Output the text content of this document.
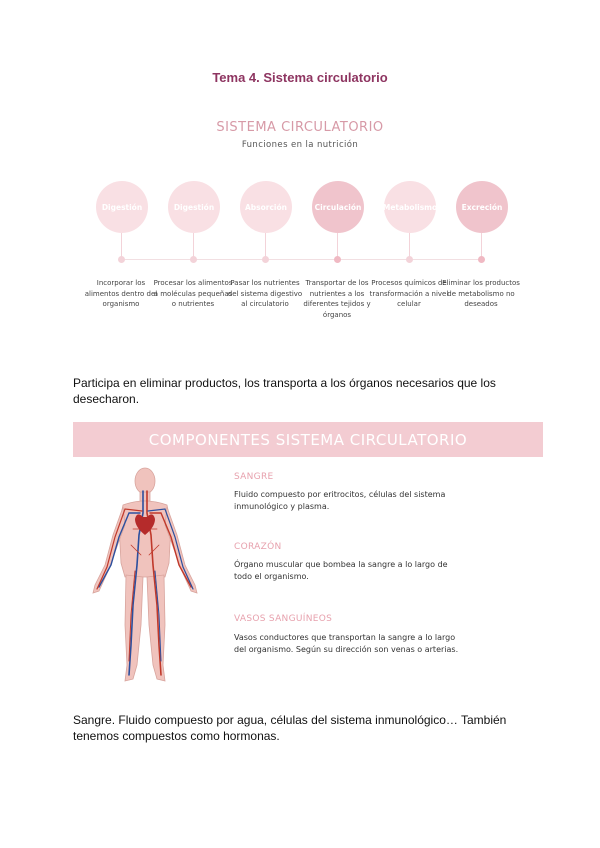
Tema 4. Sistema circulatorio
SISTEMA CIRCULATORIO
Funciones en la nutrición
Digestión
Incorporar los alimentos dentro del organismo
Digestión
Procesar los alimentos a moléculas pequeñas o nutrientes
Absorción
Pasar los nutrientes del sistema digestivo al circulatorio
Circulación
Transportar de los nutrientes a los diferentes tejidos y órganos
Metabolismo
Procesos químicos de transformación a nivel celular
Excreción
Eliminar los productos de metabolismo no deseados
Participa en eliminar productos, los transporta a los órganos necesarios que los desecharon.
COMPONENTES SISTEMA CIRCULATORIO
SANGRE
Fluido compuesto por eritrocitos, células del sistema inmunológico y plasma.
CORAZÓN
Órgano muscular que bombea la sangre a lo largo de todo el organismo.
VASOS SANGUÍNEOS
Vasos conductores que transportan la sangre a lo largo del organismo. Según su dirección son venas o arterias.
Sangre. Fluido compuesto por agua, células del sistema inmunológico… También tenemos compuestos como hormonas.
